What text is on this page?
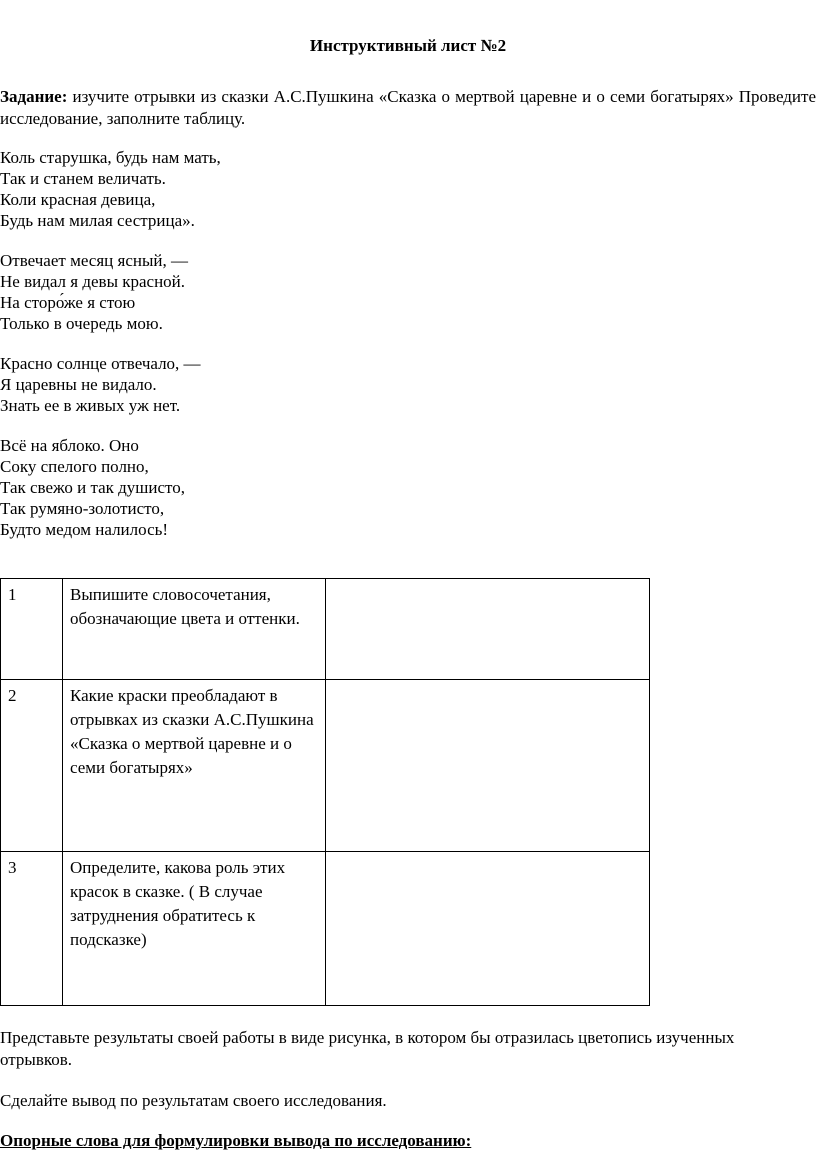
Инструктивный лист №2
Задание: изучите отрывки из сказки А.С.Пушкина «Сказка о мертвой царевне и о семи богатырях» Проведите исследование, заполните таблицу.
Коль старушка, будь нам мать,
Так и станем величать.
Коли красная девица,
Будь нам милая сестрица».
Отвечает месяц ясный, —
Не видал я девы красной.
На сторо́же я стою
Только в очередь мою.
Красно солнце отвечало, —
Я царевны не видало.
Знать ее в живых уж нет.
Всё на яблоко. Оно
Соку спелого полно,
Так свежо и так душисто,
Так румяно-золотисто,
Будто медом налилось!
1	Выпишите словосочетания, обозначающие цвета и оттенки.	
2	Какие краски преобладают в отрывках из сказки А.С.Пушкина «Сказка о мертвой царевне и о семи богатырях»	
3	Определите, какова роль этих красок в сказке. ( В случае затруднения обратитесь к подсказке)	
Представьте результаты своей работы в виде рисунка, в котором бы отразилась цветопись изученных отрывков.
Сделайте вывод по результатам своего исследования.
Опорные слова для формулировки вывода по исследованию:
